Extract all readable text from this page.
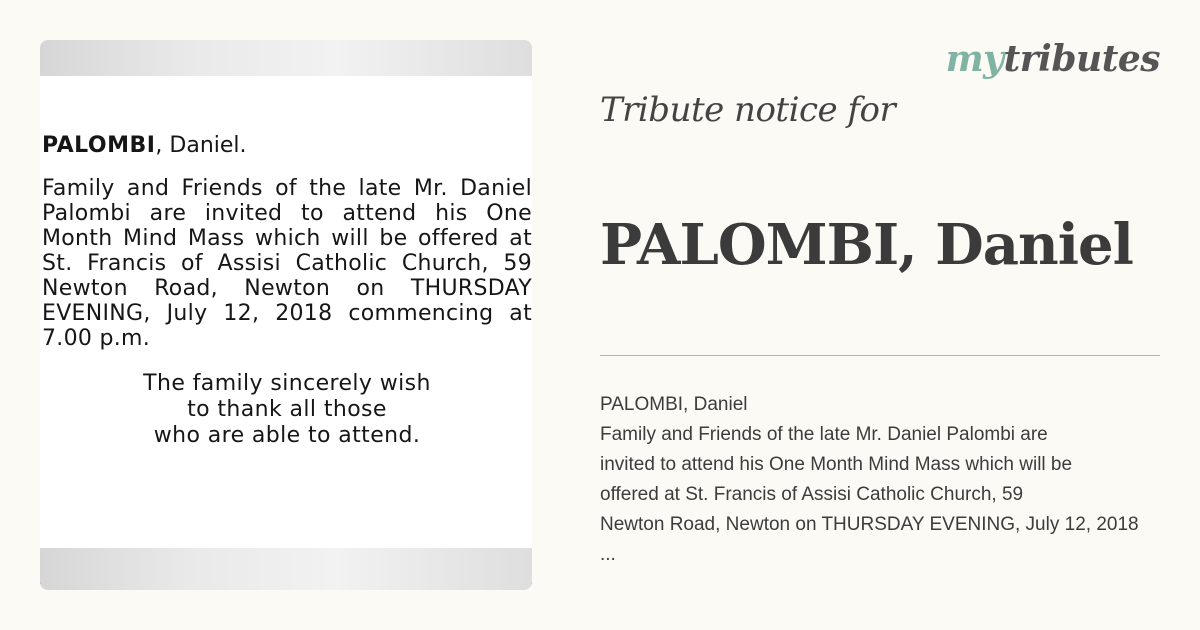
PALOMBI, Daniel.

Family and Friends of the late Mr. Daniel Palombi are invited to attend his One Month Mind Mass which will be offered at St. Francis of Assisi Catholic Church, 59 Newton Road, Newton on THURSDAY EVENING, July 12, 2018 commencing at 7.00 p.m.

The family sincerely wish
to thank all those
who are able to attend.

mytributes
Tribute notice for
PALOMBI, Daniel
PALOMBI, Daniel
Family and Friends of the late Mr. Daniel Palombi are
invited to attend his One Month Mind Mass which will be
offered at St. Francis of Assisi Catholic Church, 59
Newton Road, Newton on THURSDAY EVENING, July 12, 2018
...
